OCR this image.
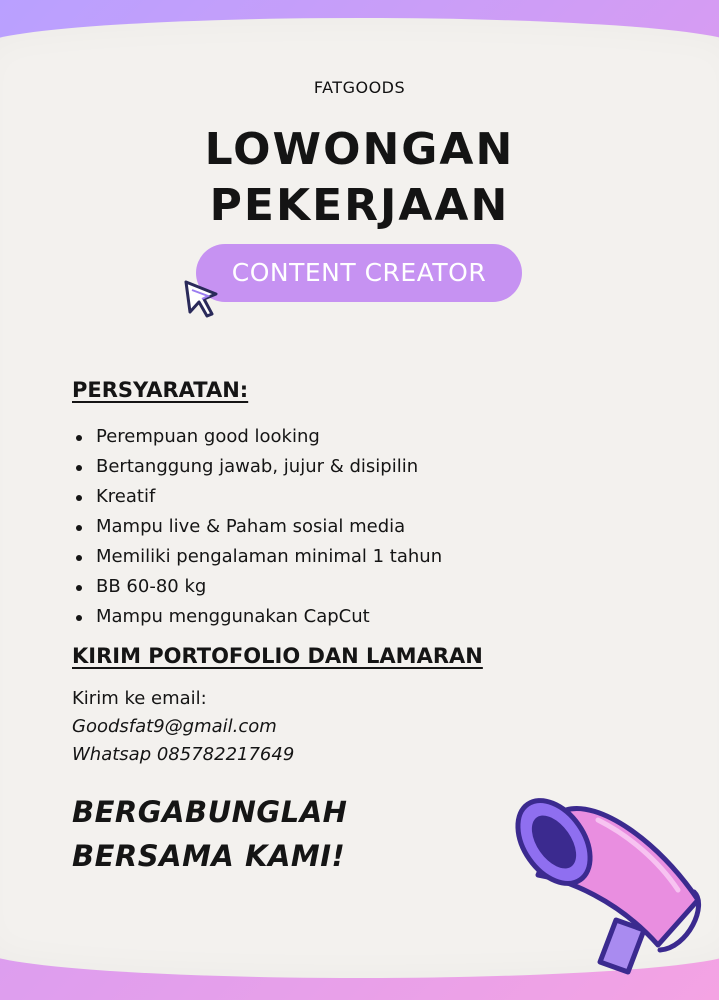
FATGOODS
LOWONGAN
PEKERJAAN
CONTENT CREATOR
PERSYARATAN:
Perempuan good looking
Bertanggung jawab, jujur & disipilin
Kreatif
Mampu live & Paham sosial media
Memiliki pengalaman minimal 1 tahun
BB 60-80 kg
Mampu menggunakan CapCut
KIRIM PORTOFOLIO DAN LAMARAN
Kirim ke email:
Goodsfat9@gmail.com
Whatsap 085782217649
BERGABUNGLAH
BERSAMA KAMI!
